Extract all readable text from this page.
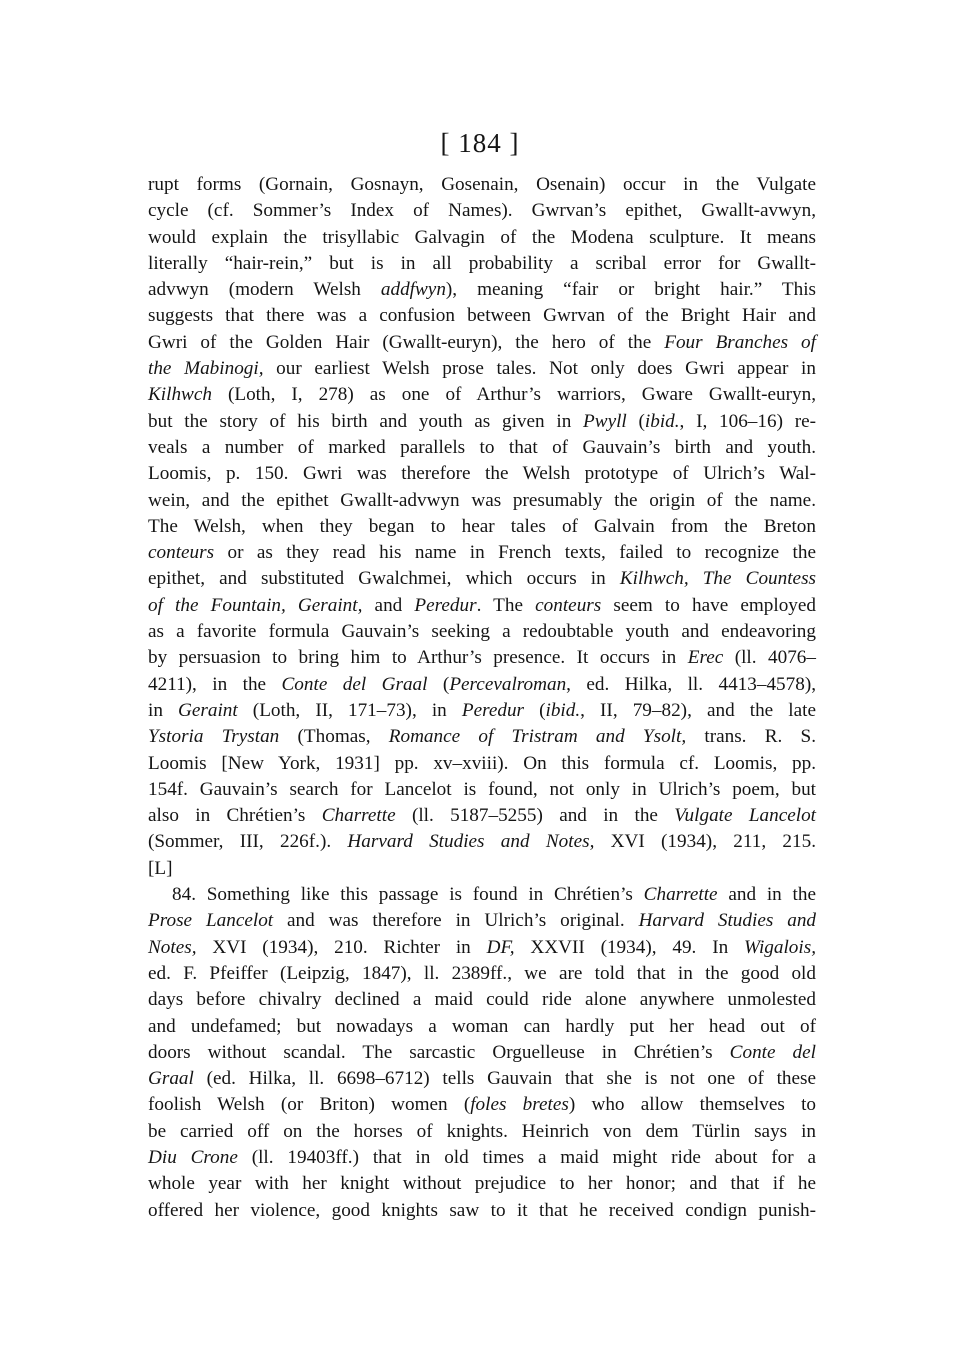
[ 184 ]
rupt forms (Gornain, Gosnayn, Gosenain, Osenain) occur in the Vulgate
cycle (cf. Sommer’s Index of Names). Gwrvan’s epithet, Gwallt-avwyn,
would explain the trisyllabic Galvagin of the Modena sculpture. It means
literally “hair-rein,” but is in all probability a scribal error for Gwallt-
advwyn (modern Welsh addfwyn), meaning “fair or bright hair.” This
suggests that there was a confusion between Gwrvan of the Bright Hair and
Gwri of the Golden Hair (Gwallt-euryn), the hero of the Four Branches of
the Mabinogi, our earliest Welsh prose tales. Not only does Gwri appear in
Kilhwch (Loth, I, 278) as one of Arthur’s warriors, Gware Gwallt-euryn,
but the story of his birth and youth as given in Pwyll (ibid., I, 106–16) re-
veals a number of marked parallels to that of Gauvain’s birth and youth.
Loomis, p. 150. Gwri was therefore the Welsh prototype of Ulrich’s Wal-
wein, and the epithet Gwallt-advwyn was presumably the origin of the name.
The Welsh, when they began to hear tales of Galvain from the Breton
conteurs or as they read his name in French texts, failed to recognize the
epithet, and substituted Gwalchmei, which occurs in Kilhwch, The Countess
of the Fountain, Geraint, and Peredur. The conteurs seem to have employed
as a favorite formula Gauvain’s seeking a redoubtable youth and endeavoring
by persuasion to bring him to Arthur’s presence. It occurs in Erec (ll. 4076–
4211), in the Conte del Graal (Percevalroman, ed. Hilka, ll. 4413–4578),
in Geraint (Loth, II, 171–73), in Peredur (ibid., II, 79–82), and the late
Ystoria Trystan (Thomas, Romance of Tristram and Ysolt, trans. R. S.
Loomis [New York, 1931] pp. xv–xviii). On this formula cf. Loomis, pp.
154f. Gauvain’s search for Lancelot is found, not only in Ulrich’s poem, but
also in Chrétien’s Charrette (ll. 5187–5255) and in the Vulgate Lancelot
(Sommer, III, 226f.). Harvard Studies and Notes, XVI (1934), 211, 215.
[L]
84. Something like this passage is found in Chrétien’s Charrette and in the
Prose Lancelot and was therefore in Ulrich’s original. Harvard Studies and
Notes, XVI (1934), 210. Richter in DF, XXVII (1934), 49. In Wigalois,
ed. F. Pfeiffer (Leipzig, 1847), ll. 2389ff., we are told that in the good old
days before chivalry declined a maid could ride alone anywhere unmolested
and undefamed; but nowadays a woman can hardly put her head out of
doors without scandal. The sarcastic Orguelleuse in Chrétien’s Conte del
Graal (ed. Hilka, ll. 6698–6712) tells Gauvain that she is not one of these
foolish Welsh (or Briton) women (foles bretes) who allow themselves to
be carried off on the horses of knights. Heinrich von dem Türlin says in
Diu Crone (ll. 19403ff.) that in old times a maid might ride about for a
whole year with her knight without prejudice to her honor; and that if he
offered her violence, good knights saw to it that he received condign punish-
